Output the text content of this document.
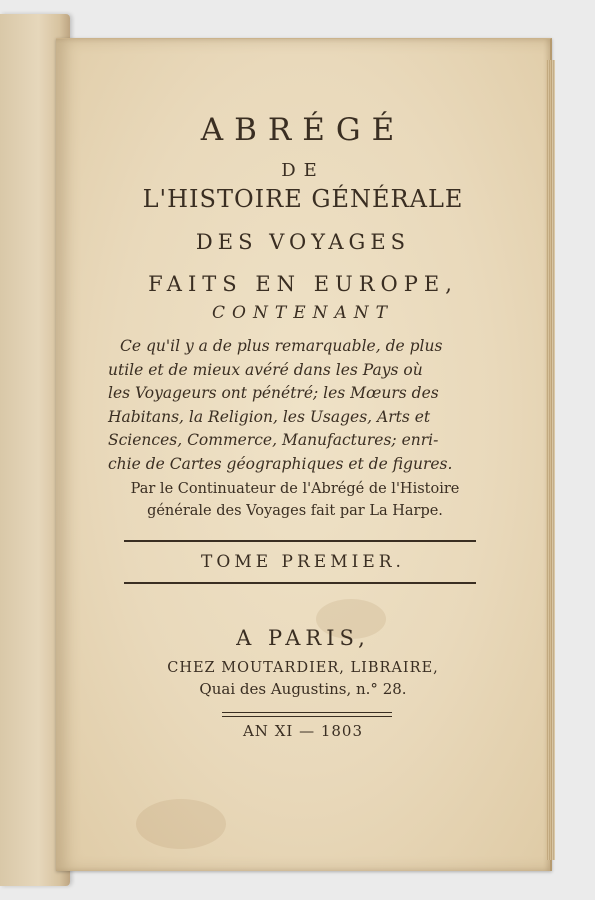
ABRÉGÉ
DE
L'HISTOIRE GÉNÉRALE
DES VOYAGES
FAITS EN EUROPE,
CONTENANT
Ce qu'il y a de plus remarquable, de plus
utile et de mieux avéré dans les Pays où
les Voyageurs ont pénétré; les Mœurs des
Habitans, la Religion, les Usages, Arts et
Sciences, Commerce, Manufactures; enri-
chie de Cartes géographiques et de figures.
Par le Continuateur de l'Abrégé de l'Histoire
générale des Voyages fait par La Harpe.
TOME PREMIER.
A PARIS,
CHEZ MOUTARDIER, LIBRAIRE,
Quai des Augustins, n.° 28.
AN XI — 1803
